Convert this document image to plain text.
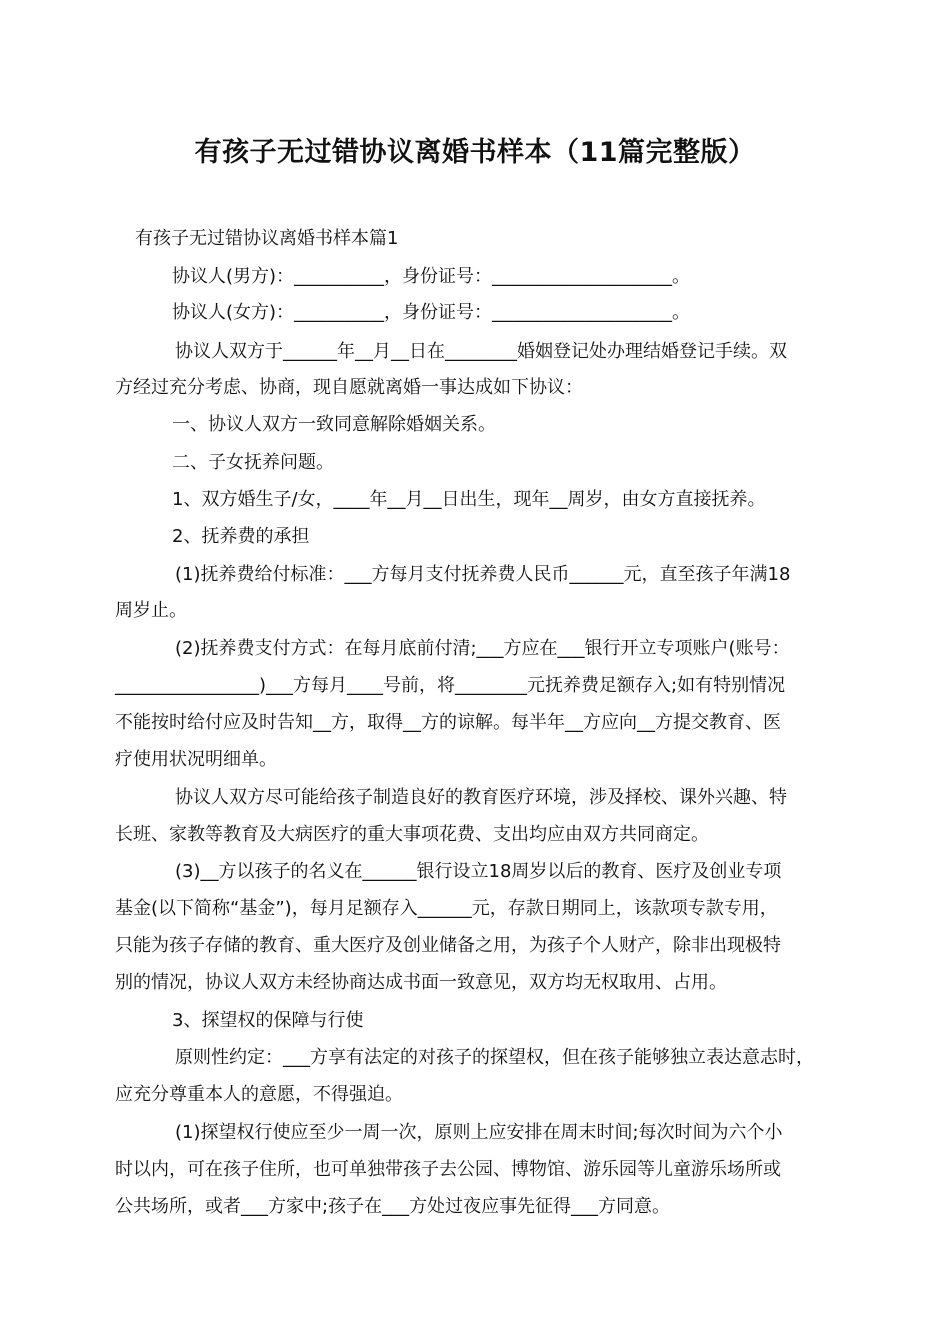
有孩子无过错协议离婚书样本（11篇完整版）
有孩子无过错协议离婚书样本篇1
协议人(男方)：__________，身份证号：____________________。
协议人(女方)：__________，身份证号：____________________。
协议人双方于______年__月__日在________婚姻登记处办理结婚登记手续。双
方经过充分考虑、协商，现自愿就离婚一事达成如下协议：
一、协议人双方一致同意解除婚姻关系。
二、子女抚养问题。
1、双方婚生子/女，____年__月__日出生，现年__周岁，由女方直接抚养。
2、抚养费的承担
(1)抚养费给付标准：___方每月支付抚养费人民币______元，直至孩子年满18
周岁止。
(2)抚养费支付方式：在每月底前付清;___方应在___银行开立专项账户(账号：
________________)___方每月____号前，将________元抚养费足额存入;如有特别情况
不能按时给付应及时告知__方，取得__方的谅解。每半年__方应向__方提交教育、医
疗使用状况明细单。
协议人双方尽可能给孩子制造良好的教育医疗环境，涉及择校、课外兴趣、特
长班、家教等教育及大病医疗的重大事项花费、支出均应由双方共同商定。
(3)__方以孩子的名义在______银行设立18周岁以后的教育、医疗及创业专项
基金(以下简称“基金”)，每月足额存入______元，存款日期同上，该款项专款专用，
只能为孩子存储的教育、重大医疗及创业储备之用，为孩子个人财产，除非出现极特
别的情况，协议人双方未经协商达成书面一致意见，双方均无权取用、占用。
3、探望权的保障与行使
原则性约定：___方享有法定的对孩子的探望权，但在孩子能够独立表达意志时，
应充分尊重本人的意愿，不得强迫。
(1)探望权行使应至少一周一次，原则上应安排在周末时间;每次时间为六个小
时以内，可在孩子住所，也可单独带孩子去公园、博物馆、游乐园等儿童游乐场所或
公共场所，或者___方家中;孩子在___方处过夜应事先征得___方同意。
